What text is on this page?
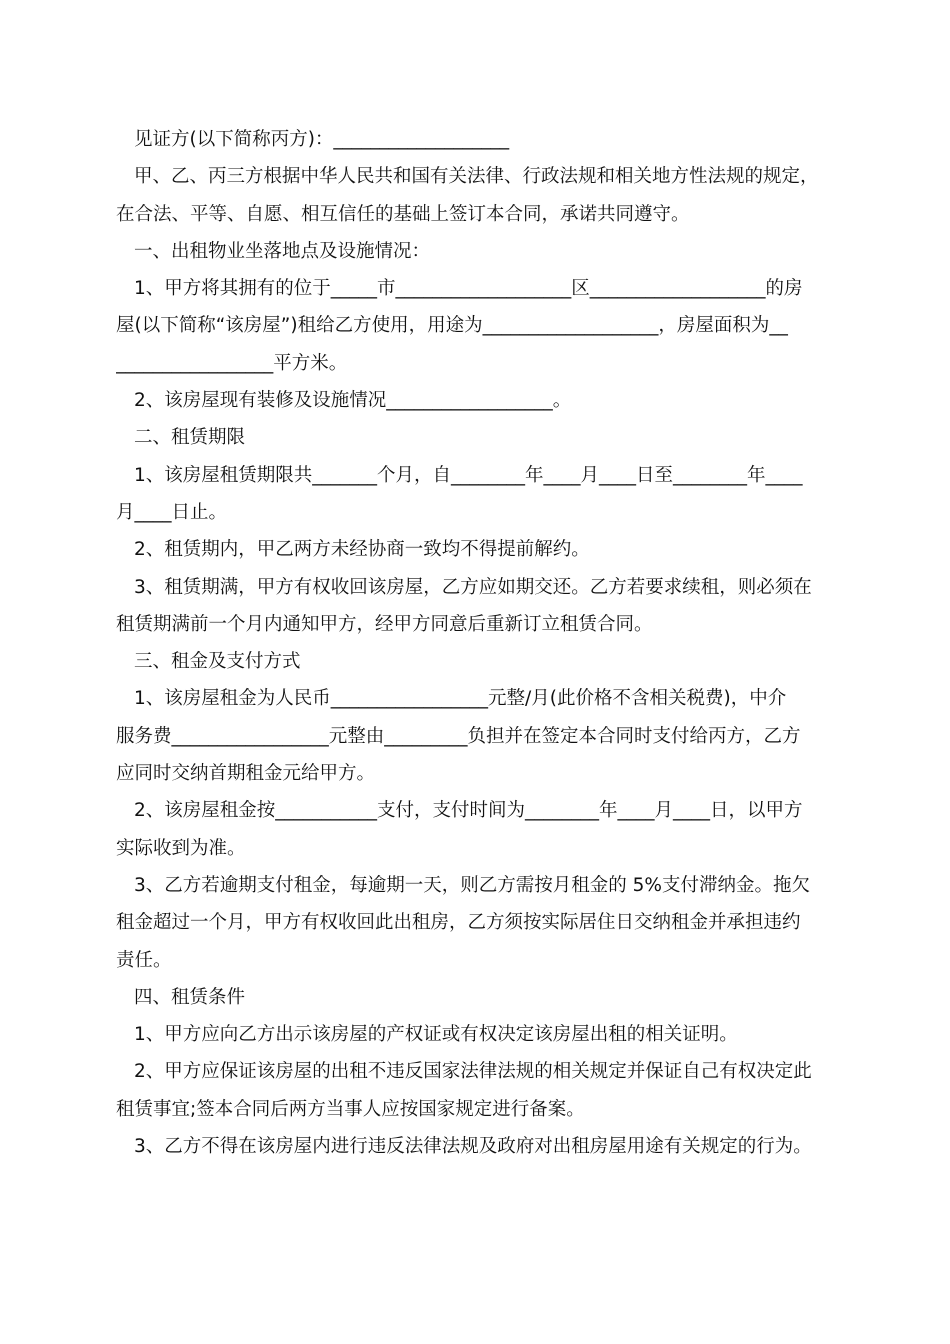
见证方(以下简称丙方)：___________________
甲、乙、丙三方根据中华人民共和国有关法律、行政法规和相关地方性法规的规定，
在合法、平等、自愿、相互信任的基础上签订本合同，承诺共同遵守。
一、出租物业坐落地点及设施情况：
1、甲方将其拥有的位于_____市___________________区___________________的房
屋(以下简称“该房屋”)租给乙方使用，用途为___________________，房屋面积为__
_________________平方米。
2、该房屋现有装修及设施情况__________________。
二、租赁期限
1、该房屋租赁期限共_______个月，自________年____月____日至________年____
月____日止。
2、租赁期内，甲乙两方未经协商一致均不得提前解约。
3、租赁期满，甲方有权收回该房屋，乙方应如期交还。乙方若要求续租，则必须在
租赁期满前一个月内通知甲方，经甲方同意后重新订立租赁合同。
三、租金及支付方式
1、该房屋租金为人民币_________________元整/月(此价格不含相关税费)，中介
服务费_________________元整由_________负担并在签定本合同时支付给丙方，乙方
应同时交纳首期租金元给甲方。
2、该房屋租金按___________支付，支付时间为________年____月____日，以甲方
实际收到为准。
3、乙方若逾期支付租金，每逾期一天，则乙方需按月租金的 5%支付滞纳金。拖欠
租金超过一个月，甲方有权收回此出租房，乙方须按实际居住日交纳租金并承担违约
责任。
四、租赁条件
1、甲方应向乙方出示该房屋的产权证或有权决定该房屋出租的相关证明。
2、甲方应保证该房屋的出租不违反国家法律法规的相关规定并保证自己有权决定此
租赁事宜;签本合同后两方当事人应按国家规定进行备案。
3、乙方不得在该房屋内进行违反法律法规及政府对出租房屋用途有关规定的行为。
